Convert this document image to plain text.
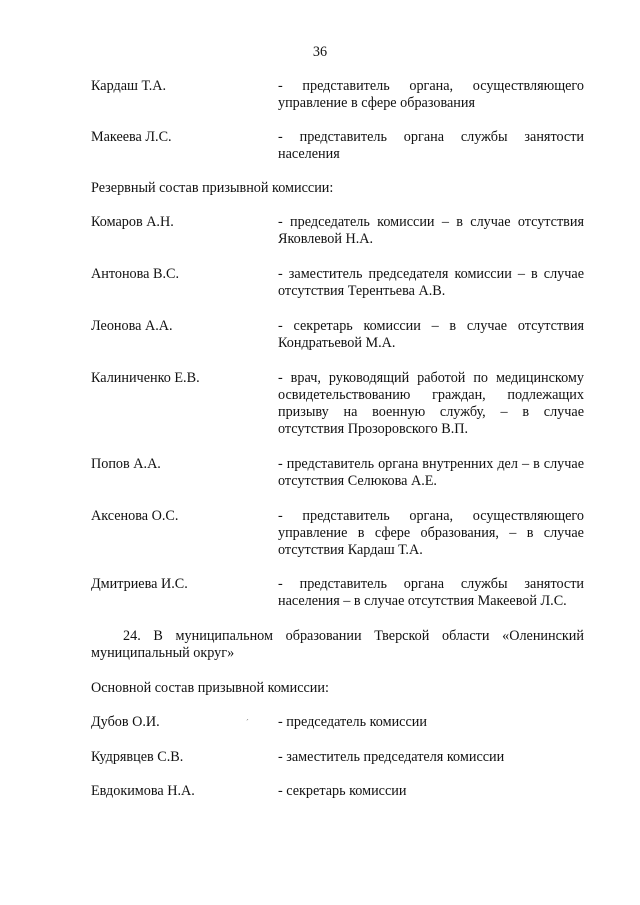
36
Кардаш Т.А.	- представитель органа, осуществляющего управление в сфере образования
Макеева Л.С.	- представитель органа службы занятости населения
Резервный состав призывной комиссии:
Комаров А.Н.	- председатель комиссии – в случае отсутствия Яковлевой Н.А.
Антонова В.С.	- заместитель председателя комиссии – в случае отсутствия Терентьева А.В.
Леонова А.А.	- секретарь комиссии – в случае отсутствия Кондратьевой М.А.
Калиниченко Е.В.	- врач, руководящий работой по медицинскому освидетельствованию граждан, подлежащих призыву на военную службу, – в случае отсутствия Прозоровского В.П.
Попов А.А.	- представитель органа внутренних дел – в случае отсутствия Селюкова А.Е.
Аксенова О.С.	- представитель органа, осуществляющего управление в сфере образования, – в случае отсутствия Кардаш Т.А.
Дмитриева И.С.	- представитель органа службы занятости населения – в случае отсутствия Макеевой Л.С.
24. В муниципальном образовании Тверской области «Оленинский муниципальный округ»
Основной состав призывной комиссии:
´
Дубов О.И.	- председатель комиссии
Кудрявцев С.В.	- заместитель председателя комиссии
Евдокимова Н.А.	- секретарь комиссии
